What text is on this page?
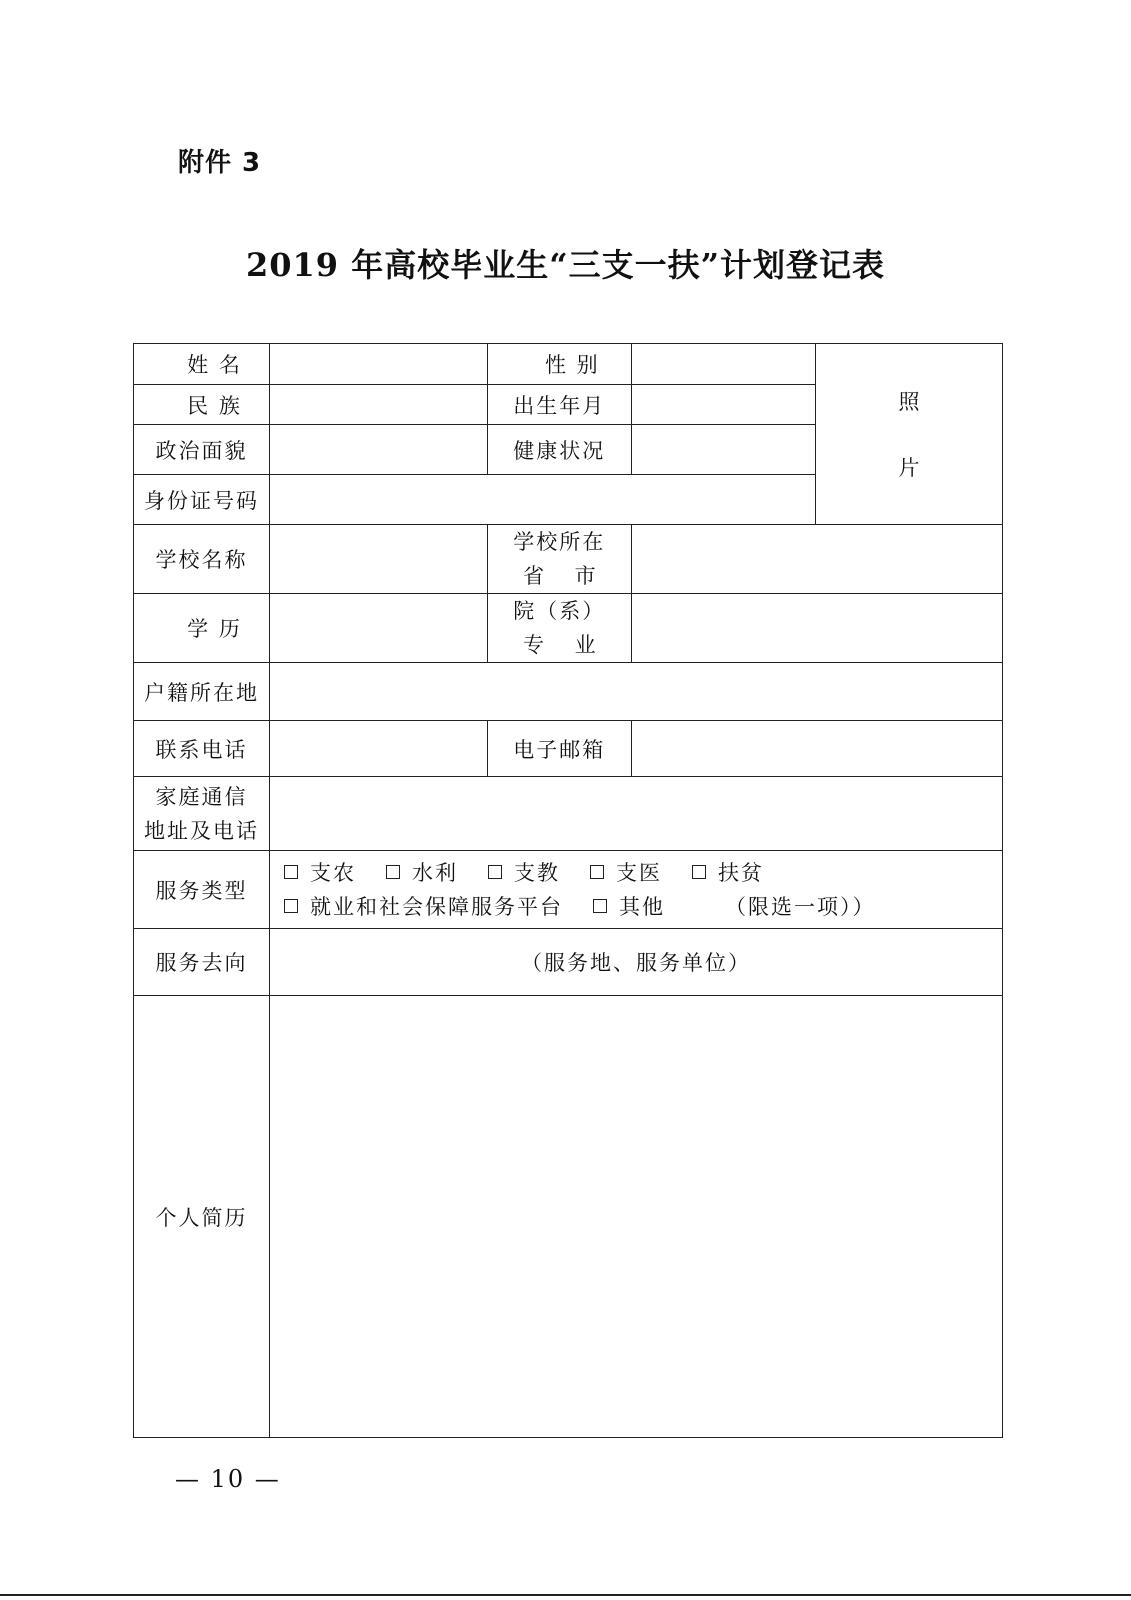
附件 3
2019 年高校毕业生“三支一扶”计划登记表
姓 名		性 别		照
片

民 族		出生年月		
政治面貌		健康状况		
身份证号码				
学校名称		学校所在
省 市		

学 历		院（系）
专 业		

户籍所在地				
联系电话		电子邮箱		

家庭通信
地址及电话				

服务类型	支农 水利 支教 支医 扶贫
就业和社会保障服务平台 其他 （限选一项））			

服务去向	（服务地、服务单位）			
个人简历				
— 10 —
